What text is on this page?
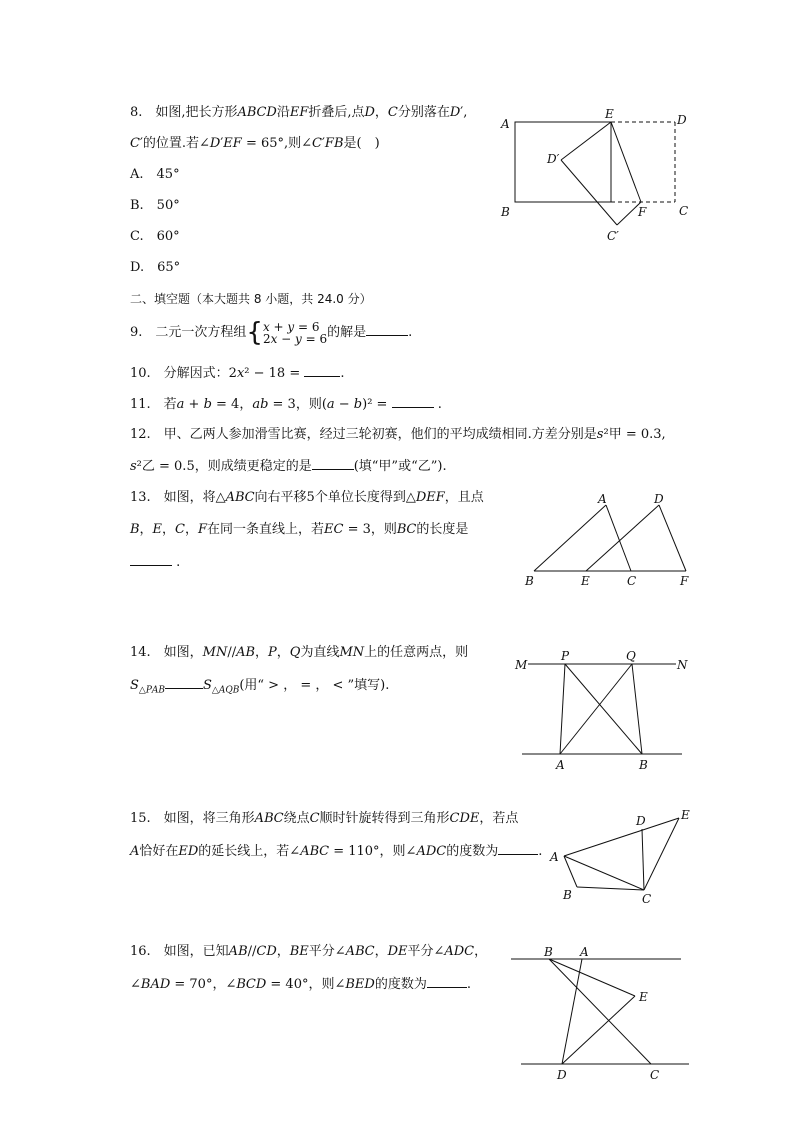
8. 如图,把长方形𝐴𝐵𝐶𝐷沿𝐸𝐹折叠后,点𝐷，𝐶分别落在𝐷′,
𝐶′的位置.若∠𝐷′𝐸𝐹 = 65°,则∠𝐶′𝐹𝐵是( )
A. 45°
B. 50°
C. 60°
D. 65°
A
B
E	D
C
F
D′
C′
二、填空题（本大题共 8 小题，共 24.0 分）
9. 二元一次方程组{ 𝑥 + 𝑦 = 6
2𝑥 − 𝑦 = 6 的解是	.
10. 分解因式：2𝑥² − 18 =	.
11. 若𝑎 + 𝑏 = 4，𝑎𝑏 = 3，则(𝑎 − 𝑏)² =	.
12. 甲、乙两人参加滑雪比赛，经过三轮初赛，他们的平均成绩相同.方差分别是𝑠²甲 = 0.3,
𝑠²乙 = 0.5，则成绩更稳定的是	(填“甲”或“乙”).
13. 如图，将△𝐴𝐵𝐶向右平移5个单位长度得到△𝐷𝐸𝐹，且点
𝐵，𝐸，𝐶，𝐹在同一条直线上，若𝐸𝐶 = 3，则𝐵𝐶的长度是
.
A	D
B	E	C	F
14. 如图，𝑀𝑁//𝐴𝐵，𝑃，𝑄为直线𝑀𝑁上的任意两点，则
𝑆$_{\triangle 𝑃𝐴𝐵}$	𝑆$_{\triangle 𝐴𝑄𝐵}$(用“ > ， = ， < ”填写).
M
P	Q
N
A	B
15. 如图，将三角形𝐴𝐵𝐶绕点𝐶顺时针旋转得到三角形𝐶𝐷𝐸，若点
𝐴恰好在𝐸𝐷的延长线上，若∠𝐴𝐵𝐶 = 110°，则∠𝐴𝐷𝐶的度数为	. A
B	C
D	E
16. 如图，已知𝐴𝐵//𝐶𝐷，𝐵𝐸平分∠𝐴𝐵𝐶，𝐷𝐸平分∠𝐴𝐷𝐶，
∠𝐵𝐴𝐷 = 70°，∠𝐵𝐶𝐷 = 40°，则∠𝐵𝐸𝐷的度数为	.
B A
E
D	C
